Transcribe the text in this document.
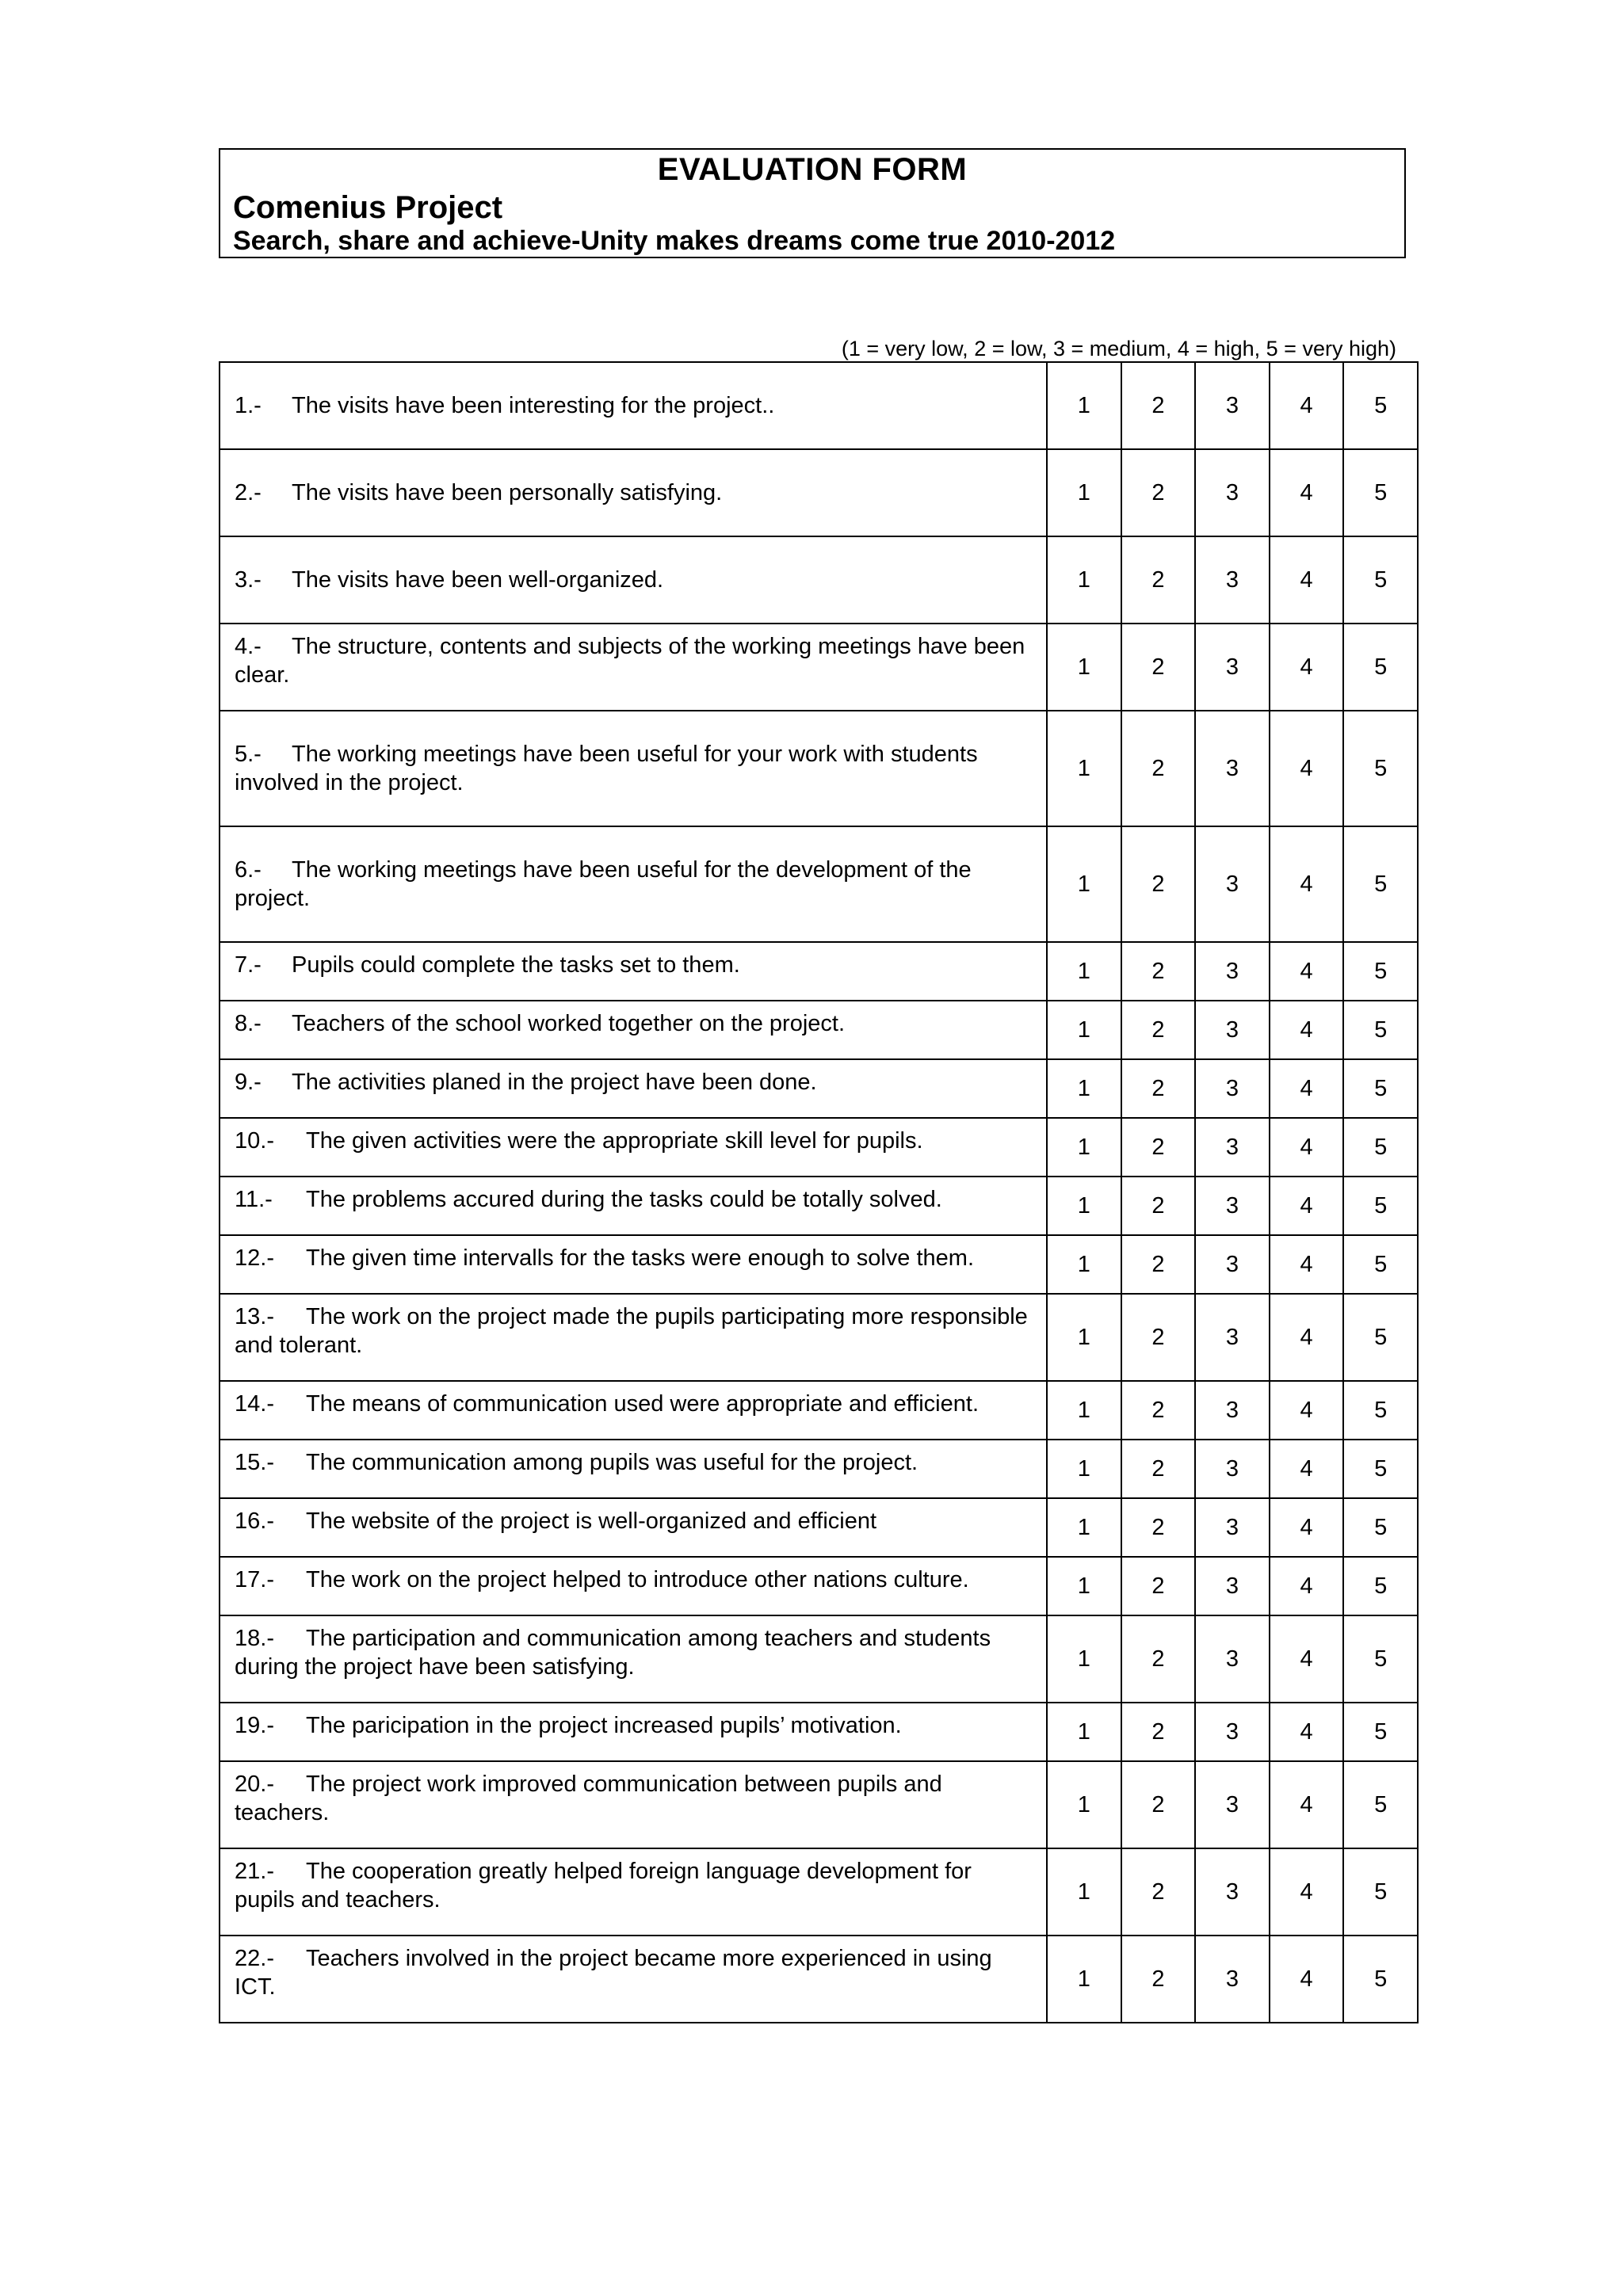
EVALUATION FORM
Comenius Project
Search, share and achieve-Unity makes dreams come true 2010-2012
(1 = very low, 2 = low, 3 = medium, 4 = high, 5 = very high)
1.- The visits have been interesting for the project..	1	2	3	4	5
2.- The visits have been personally satisfying.	1	2	3	4	5
3.- The visits have been well-organized.	1	2	3	4	5
4.- The structure, contents and subjects of the working meetings have been clear.	1	2	3	4	5
5.- The working meetings have been useful for your work with students involved in the project.	1	2	3	4	5
6.- The working meetings have been useful for the development of the project.	1	2	3	4	5
7.- Pupils could complete the tasks set to them.	1	2	3	4	5
8.- Teachers of the school worked together on the project.	1	2	3	4	5
9.- The activities planed in the project have been done.	1	2	3	4	5
10.- The given activities were the appropriate skill level for pupils.	1	2	3	4	5
11.- The problems accured during the tasks could be totally solved.	1	2	3	4	5
12.- The given time intervalls for the tasks were enough to solve them.	1	2	3	4	5
13.- The work on the project made the pupils participating more responsible and tolerant.	1	2	3	4	5
14.- The means of communication used were appropriate and efficient.	1	2	3	4	5
15.- The communication among pupils was useful for the project.	1	2	3	4	5
16.- The website of the project is well-organized and efficient	1	2	3	4	5
17.- The work on the project helped to introduce other nations culture.	1	2	3	4	5
18.- The participation and communication among teachers and students during the project have been satisfying.	1	2	3	4	5
19.- The paricipation in the project increased pupils’ motivation.	1	2	3	4	5
20.- The project work improved communication between pupils and teachers.	1	2	3	4	5
21.- The cooperation greatly helped foreign language development for pupils and teachers.	1	2	3	4	5
22.- Teachers involved in the project became more experienced in using ICT.	1	2	3	4	5
